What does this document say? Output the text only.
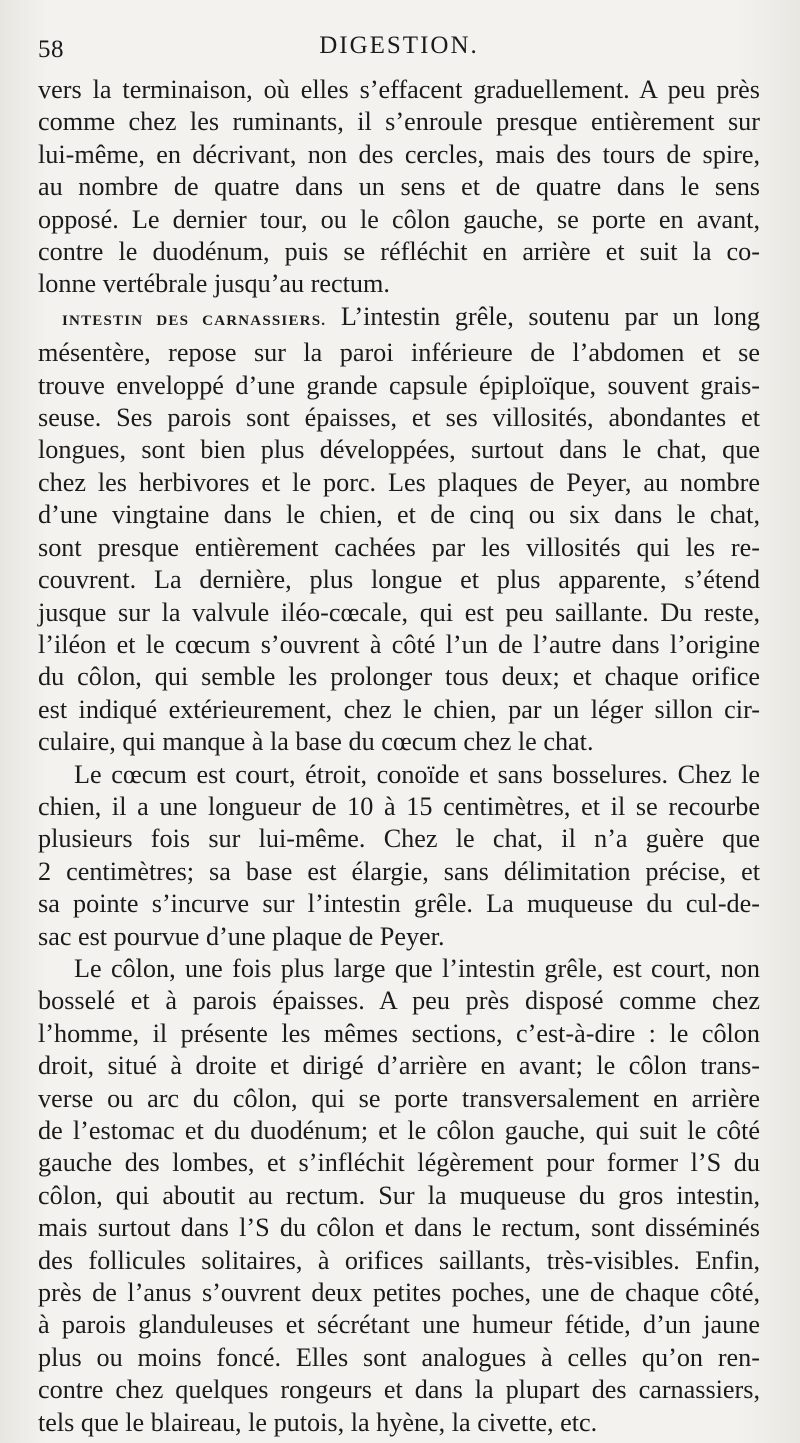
58	DIGESTION.

vers la terminaison, où elles s’effacent graduellement. A peu près
comme chez les ruminants, il s’enroule presque entièrement sur
lui-même, en décrivant, non des cercles, mais des tours de spire,
au nombre de quatre dans un sens et de quatre dans le sens
opposé. Le dernier tour, ou le côlon gauche, se porte en avant,
contre le duodénum, puis se réfléchit en arrière et suit la co-
lonne vertébrale jusqu’au rectum.

INTESTIN DES CARNASSIERS. L’intestin grêle, soutenu par un long
mésentère, repose sur la paroi inférieure de l’abdomen et se
trouve enveloppé d’une grande capsule épiploïque, souvent grais-
seuse. Ses parois sont épaisses, et ses villosités, abondantes et
longues, sont bien plus développées, surtout dans le chat, que
chez les herbivores et le porc. Les plaques de Peyer, au nombre
d’une vingtaine dans le chien, et de cinq ou six dans le chat,
sont presque entièrement cachées par les villosités qui les re-
couvrent. La dernière, plus longue et plus apparente, s’étend
jusque sur la valvule iléo-cœcale, qui est peu saillante. Du reste,
l’iléon et le cœcum s’ouvrent à côté l’un de l’autre dans l’origine
du côlon, qui semble les prolonger tous deux; et chaque orifice
est indiqué extérieurement, chez le chien, par un léger sillon cir-
culaire, qui manque à la base du cœcum chez le chat.

Le cœcum est court, étroit, conoïde et sans bosselures. Chez le
chien, il a une longueur de 10 à 15 centimètres, et il se recourbe
plusieurs fois sur lui-même. Chez le chat, il n’a guère que
2 centimètres; sa base est élargie, sans délimitation précise, et
sa pointe s’incurve sur l’intestin grêle. La muqueuse du cul-de-
sac est pourvue d’une plaque de Peyer.

Le côlon, une fois plus large que l’intestin grêle, est court, non
bosselé et à parois épaisses. A peu près disposé comme chez
l’homme, il présente les mêmes sections, c’est-à-dire : le côlon
droit, situé à droite et dirigé d’arrière en avant; le côlon trans-
verse ou arc du côlon, qui se porte transversalement en arrière
de l’estomac et du duodénum; et le côlon gauche, qui suit le côté
gauche des lombes, et s’infléchit légèrement pour former l’S du
côlon, qui aboutit au rectum. Sur la muqueuse du gros intestin,
mais surtout dans l’S du côlon et dans le rectum, sont disséminés
des follicules solitaires, à orifices saillants, très-visibles. Enfin,
près de l’anus s’ouvrent deux petites poches, une de chaque côté,
à parois glanduleuses et sécrétant une humeur fétide, d’un jaune
plus ou moins foncé. Elles sont analogues à celles qu’on ren-
contre chez quelques rongeurs et dans la plupart des carnassiers,
tels que le blaireau, le putois, la hyène, la civette, etc.
